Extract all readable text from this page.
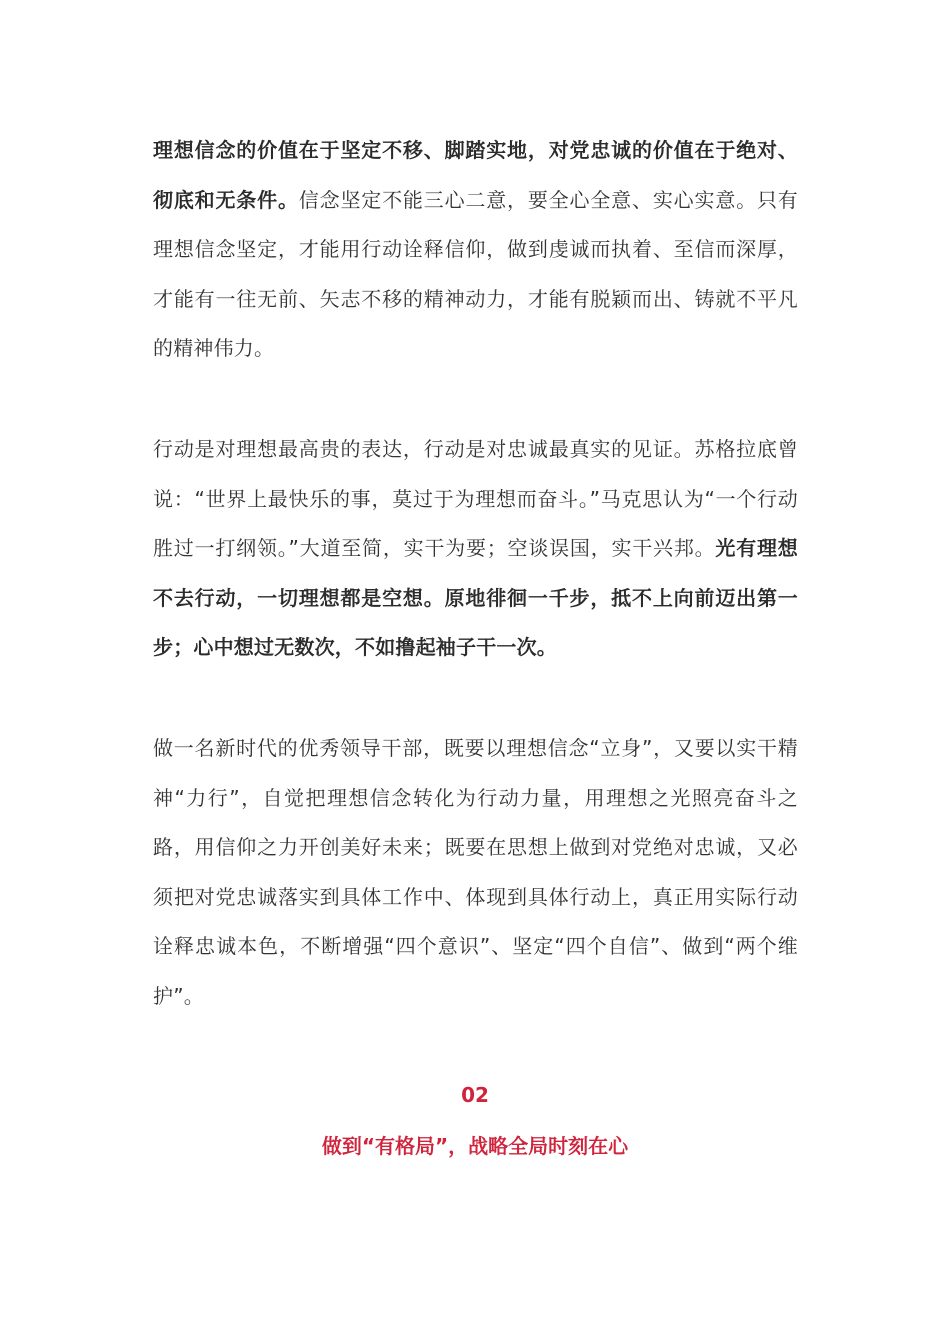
理想信念的价值在于坚定不移、脚踏实地，对党忠诚的价值在于绝对、彻底和无条件。信念坚定不能三心二意，要全心全意、实心实意。只有理想信念坚定，才能用行动诠释信仰，做到虔诚而执着、至信而深厚，才能有一往无前、矢志不移的精神动力，才能有脱颖而出、铸就不平凡的精神伟力。

行动是对理想最高贵的表达，行动是对忠诚最真实的见证。苏格拉底曾说：“世界上最快乐的事，莫过于为理想而奋斗。”马克思认为“一个行动胜过一打纲领。”大道至简，实干为要；空谈误国，实干兴邦。光有理想不去行动，一切理想都是空想。原地徘徊一千步，抵不上向前迈出第一步；心中想过无数次，不如撸起袖子干一次。

做一名新时代的优秀领导干部，既要以理想信念“立身”，又要以实干精神“力行”，自觉把理想信念转化为行动力量，用理想之光照亮奋斗之路，用信仰之力开创美好未来；既要在思想上做到对党绝对忠诚，又必须把对党忠诚落实到具体工作中、体现到具体行动上，真正用实际行动诠释忠诚本色，不断增强“四个意识”、坚定“四个自信”、做到“两个维护”。

02
做到“有格局”，战略全局时刻在心
